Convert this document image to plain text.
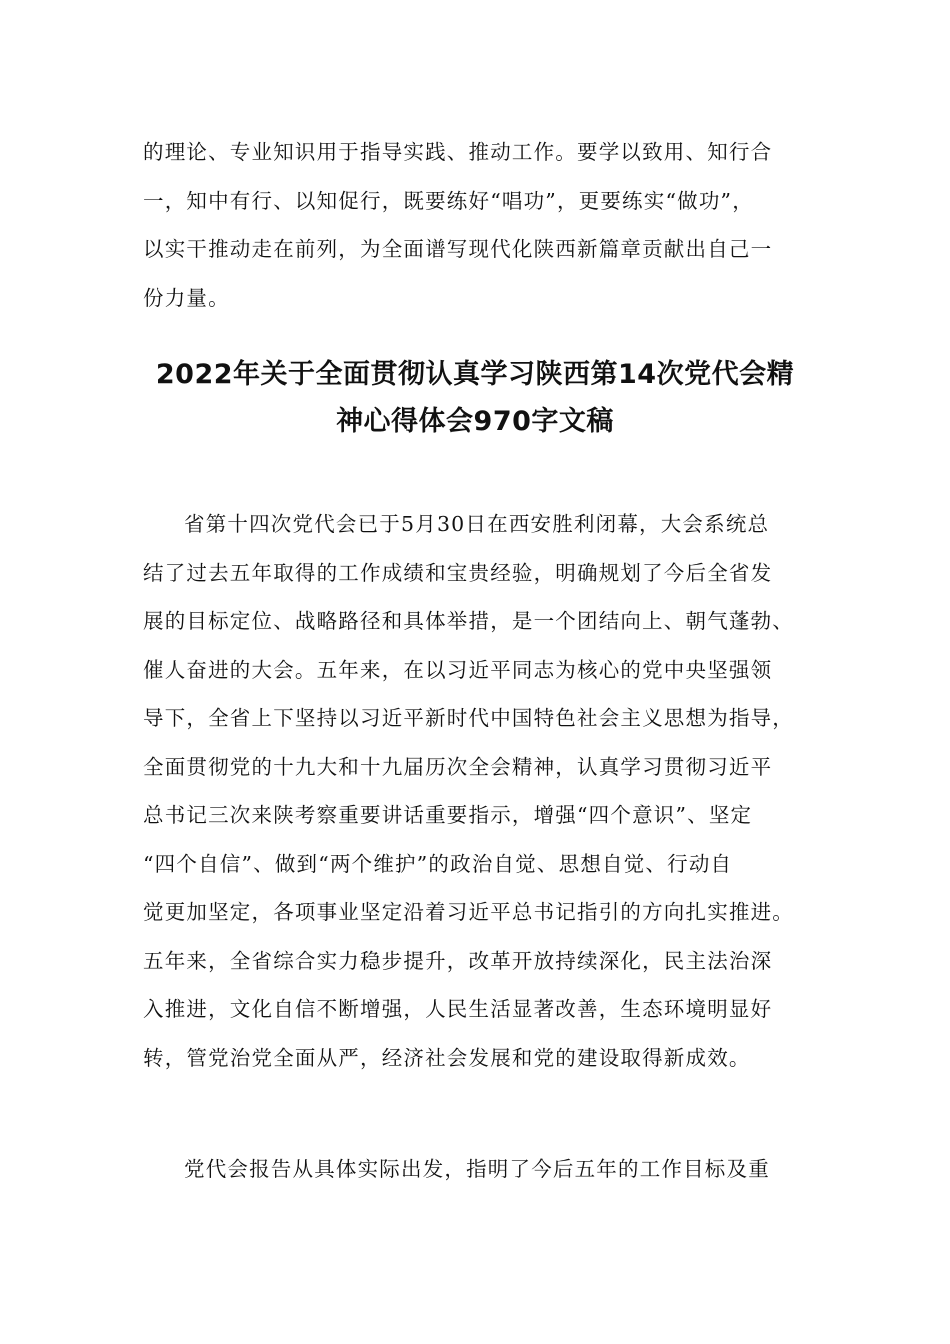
的理论、专业知识用于指导实践、推动工作。要学以致用、知行合
一，知中有行、以知促行，既要练好“唱功”，更要练实“做功”，
以实干推动走在前列，为全面谱写现代化陕西新篇章贡献出自己一
份力量。
2022年关于全面贯彻认真学习陕西第14次党代会精
神心得体会970字文稿
省第十四次党代会已于5月30日在西安胜利闭幕，大会系统总
结了过去五年取得的工作成绩和宝贵经验，明确规划了今后全省发
展的目标定位、战略路径和具体举措，是一个团结向上、朝气蓬勃、
催人奋进的大会。五年来，在以习近平同志为核心的党中央坚强领
导下，全省上下坚持以习近平新时代中国特色社会主义思想为指导，
全面贯彻党的十九大和十九届历次全会精神，认真学习贯彻习近平
总书记三次来陕考察重要讲话重要指示，增强“四个意识”、坚定
“四个自信”、做到“两个维护”的政治自觉、思想自觉、行动自
觉更加坚定，各项事业坚定沿着习近平总书记指引的方向扎实推进。
五年来，全省综合实力稳步提升，改革开放持续深化，民主法治深
入推进，文化自信不断增强，人民生活显著改善，生态环境明显好
转，管党治党全面从严，经济社会发展和党的建设取得新成效。
党代会报告从具体实际出发，指明了今后五年的工作目标及重
